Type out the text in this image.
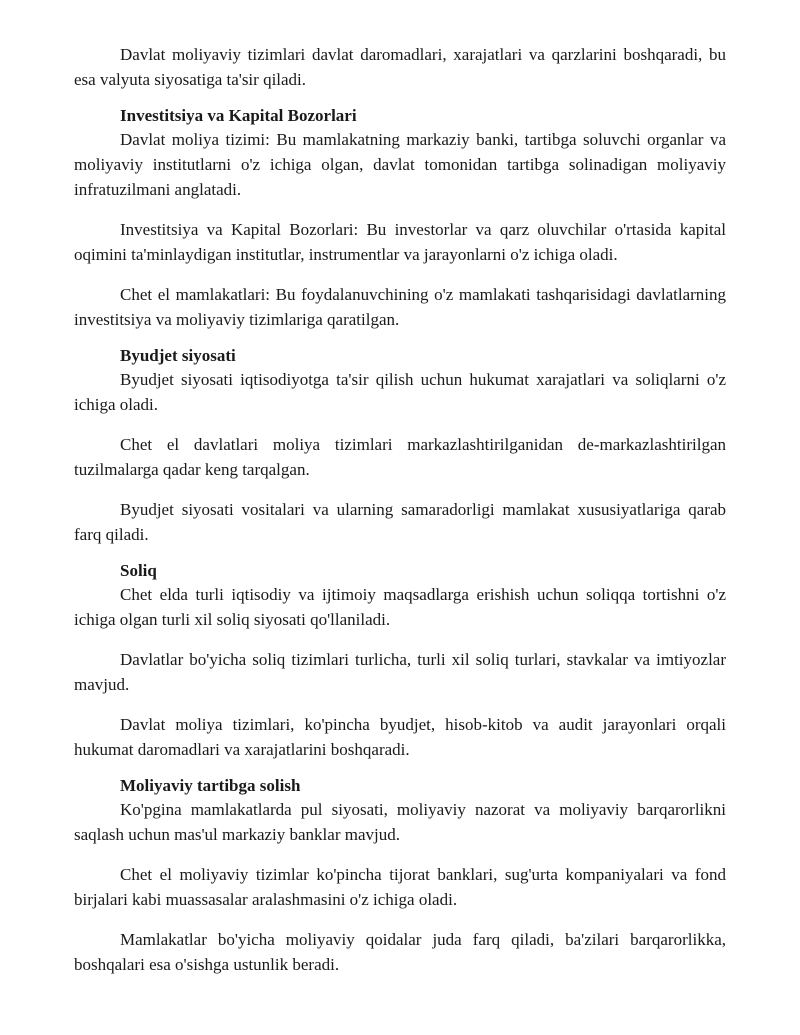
Davlat moliyaviy tizimlari davlat daromadlari, xarajatlari va qarzlarini boshqaradi, bu esa valyuta siyosatiga ta'sir qiladi.

Investitsiya va Kapital Bozorlari

Davlat moliya tizimi: Bu mamlakatning markaziy banki, tartibga soluvchi organlar va moliyaviy institutlarni o'z ichiga olgan, davlat tomonidan tartibga solinadigan moliyaviy infratuzilmani anglatadi.

Investitsiya va Kapital Bozorlari: Bu investorlar va qarz oluvchilar o'rtasida kapital oqimini ta'minlaydigan institutlar, instrumentlar va jarayonlarni o'z ichiga oladi.

Chet el mamlakatlari: Bu foydalanuvchining o'z mamlakati tashqarisidagi davlatlarning investitsiya va moliyaviy tizimlariga qaratilgan.

Byudjet siyosati

Byudjet siyosati iqtisodiyotga ta'sir qilish uchun hukumat xarajatlari va soliqlarni o'z ichiga oladi.

Chet el davlatlari moliya tizimlari markazlashtirilganidan de-markazlashtirilgan tuzilmalarga qadar keng tarqalgan.

Byudjet siyosati vositalari va ularning samaradorligi mamlakat xususiyatlariga qarab farq qiladi.

Soliq

Chet elda turli iqtisodiy va ijtimoiy maqsadlarga erishish uchun soliqqa tortishni o'z ichiga olgan turli xil soliq siyosati qo'llaniladi.

Davlatlar bo'yicha soliq tizimlari turlicha, turli xil soliq turlari, stavkalar va imtiyozlar mavjud.

Davlat moliya tizimlari, ko'pincha byudjet, hisob-kitob va audit jarayonlari orqali hukumat daromadlari va xarajatlarini boshqaradi.

Moliyaviy tartibga solish

Ko'pgina mamlakatlarda pul siyosati, moliyaviy nazorat va moliyaviy barqarorlikni saqlash uchun mas'ul markaziy banklar mavjud.

Chet el moliyaviy tizimlar ko'pincha tijorat banklari, sug'urta kompaniyalari va fond birjalari kabi muassasalar aralashmasini o'z ichiga oladi.

Mamlakatlar bo'yicha moliyaviy qoidalar juda farq qiladi, ba'zilari barqarorlikka, boshqalari esa o'sishga ustunlik beradi.
